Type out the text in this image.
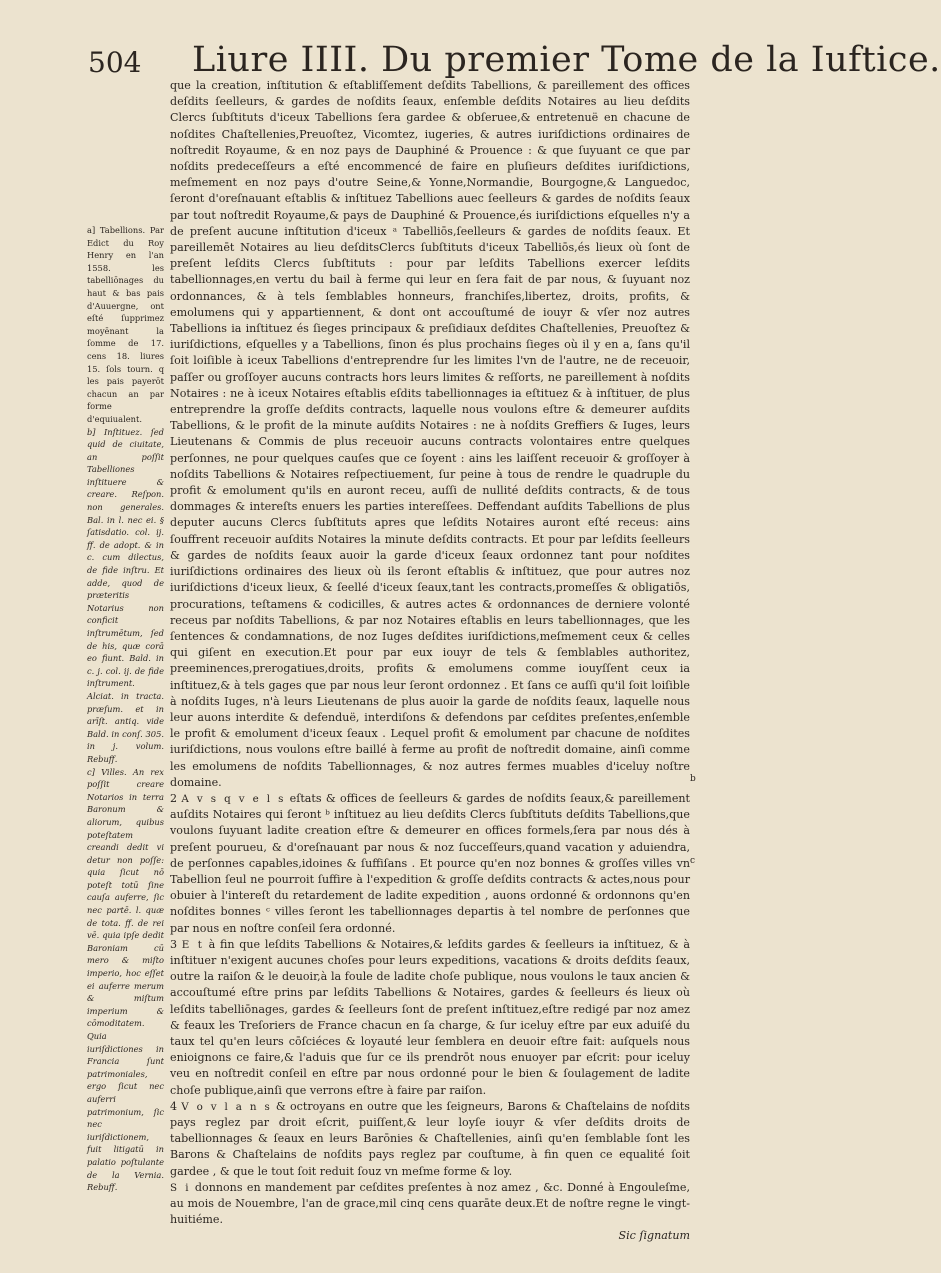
504 Liure IIII. Du premier Tome de la Iuftice.

que la creation, inſtitution & eſtabliſſement deſdits Tabellions, & pareillement des offices deſdits ſeelleurs, & gardes de noſdits ſeaux, enſemble deſdits Notaires au lieu deſdits Clercs ſubſtituts d'iceux Tabellions ſera gardee & obſeruee,& entretenuë en chacune de noſdites Chaſtellenies,Preuoſtez, Vicomtez, iugeries, & autres iuriſdictions ordinaires de noſtredit Royaume, & en noz pays de Dauphiné & Prouence : & que ſuyuant ce que par noſdits predeceſſeurs a eſté encommencé de faire en pluſieurs deſdites iuriſdictions, meſmement en noz pays d'outre Seine,& Yonne,Normandie, Bourgogne,& Languedoc, ſeront d'oreſnauant eſtablis & inſtituez Tabellions auec ſeelleurs & gardes de noſdits ſeaux par tout noſtredit Royaume,& pays de Dauphiné & Prouence,és iuriſdictions eſquelles n'y a de preſent aucune inſtitution d'iceux ᵃ Tabelliōs,ſeelleurs & gardes de noſdits ſeaux. Et pareillemēt Notaires au lieu deſditsClercs ſubſtituts d'iceux Tabelliōs,és lieux où ſont de preſent leſdits Clercs ſubſtituts : pour par leſdits Tabellions exercer leſdits tabellionnages,en vertu du bail à ferme qui leur en ſera fait de par nous, & ſuyuant noz ordonnances, & à tels ſemblables honneurs, franchiſes,libertez, droits, profits, & emolumens qui y appartiennent, & dont ont accouſtumé de iouyr & vſer noz autres Tabellions ia inſtituez és ſieges principaux & preſidiaux deſdites Chaſtellenies, Preuoſtez & iuriſdictions, eſquelles y a Tabellions, ſinon és plus prochains ſieges où il y en a, ſans qu'il ſoit loiſible à iceux Tabellions d'entreprendre ſur les limites l'vn de l'autre, ne de receuoir, paſſer ou groſſoyer aucuns contracts hors leurs limites & reſſorts, ne pareillement à noſdits Notaires : ne à iceux Notaires eſtablis eſdits tabellionnages ia eſtituez & à inſtituer, de plus entreprendre la groſſe deſdits contracts, laquelle nous voulons eſtre & demeurer auſdits Tabellions, & le profit de la minute auſdits Notaires : ne à noſdits Greffiers & Iuges, leurs Lieutenans & Commis de plus receuoir aucuns contracts volontaires entre quelques perſonnes, ne pour quelques cauſes que ce ſoyent : ains les laiſſent receuoir & groſſoyer à noſdits Tabellions & Notaires reſpectiuement, ſur peine à tous de rendre le quadruple du profit & emolument qu'ils en auront receu, auſſi de nullité deſdits contracts, & de tous dommages & intereſts enuers les parties intereſſees. Deffendant auſdits Tabellions de plus deputer aucuns Clercs ſubſtituts apres que leſdits Notaires auront eſté receus: ains ſouffrent receuoir auſdits Notaires la minute deſdits contracts. Et pour par leſdits ſeelleurs & gardes de noſdits ſeaux auoir la garde d'iceux ſeaux ordonnez tant pour noſdites iuriſdictions ordinaires des lieux où ils ſeront eſtablis & inſtituez, que pour autres noz iuriſdictions d'iceux lieux, & ſeellé d'iceux ſeaux,tant les contracts,promeſſes & obligatiōs, procurations, teſtamens & codicilles, & autres actes & ordonnances de derniere volonté receus par noſdits Tabellions, & par noz Notaires eſtablis en leurs tabellionnages, que les ſentences & condamnations, de noz Iuges deſdites iuriſdictions,meſmement ceux & celles qui giſent en execution.Et pour par eux iouyr de tels & ſemblables authoritez, preeminences,prerogatiues,droits, profits & emolumens comme iouyſſent ceux ia inſtituez,& à tels gages que par nous leur ſeront ordonnez . Et ſans ce auſſi qu'il ſoit loiſible à noſdits Iuges, n'à leurs Lieutenans de plus auoir la garde de noſdits ſeaux, laquelle nous leur auons interdite & defenduë, interdiſons & defendons par ceſdites preſentes,enſemble le profit & emolument d'iceux ſeaux . Lequel profit & emolument par chacune de noſdites iuriſdictions, nous voulons eſtre baillé à ferme au profit de noſtredit domaine, ainſi comme les emolumens de noſdits Tabellionnages, & noz autres fermes muables d'iceluy noſtre domaine.

2 A v s q v e l s eſtats & offices de ſeelleurs & gardes de noſdits ſeaux,& pareillement auſdits Notaires qui ſeront ᵇ inſtituez au lieu deſdits Clercs ſubſtituts deſdits Tabellions,que voulons ſuyuant ladite creation eſtre & demeurer en offices formels,ſera par nous dés à preſent pourueu, & d'oreſnauant par nous & noz ſucceſſeurs,quand vacation y aduiendra, de perſonnes capables,idoines & ſuffiſans . Et pource qu'en noz bonnes & groſſes villes vn Tabellion ſeul ne pourroit ſuffire à l'expedition & groſſe deſdits contracts & actes,nous pour obuier à l'intereſt du retardement de ladite expedition , auons ordonné & ordonnons qu'en noſdites bonnes ᶜ villes ſeront les tabellionnages departis à tel nombre de perſonnes que par nous en noſtre conſeil ſera ordonné.

3 E t à fin que leſdits Tabellions & Notaires,& leſdits gardes & ſeelleurs ia inſtituez, & à inſtituer n'exigent aucunes choſes pour leurs expeditions, vacations & droits deſdits ſeaux, outre la raiſon & le deuoir,à la foule de ladite choſe publique, nous voulons le taux ancien & accouſtumé eſtre prins par leſdits Tabellions & Notaires, gardes & ſeelleurs és lieux où leſdits tabelliōnages, gardes & ſeelleurs ſont de preſent inſtituez,eſtre redigé par noz amez & feaux les Treſoriers de France chacun en ſa charge, & ſur iceluy eſtre par eux aduiſé du taux tel qu'en leurs cōſciéces & loyauté leur ſemblera en deuoir eſtre fait: auſquels nous enioignons ce faire,& l'aduis que ſur ce ils prendrōt nous enuoyer par eſcrit: pour iceluy veu en noſtredit conſeil en eſtre par nous ordonné pour le bien & ſoulagement de ladite choſe publique,ainſi que verrons eſtre à faire par raiſon.

4 V o v l a n s & octroyans en outre que les ſeigneurs, Barons & Chaſtelains de noſdits pays reglez par droit eſcrit, puiſſent,& leur loyſe iouyr & vſer deſdits droits de tabellionnages & ſeaux en leurs Barōnies & Chaſtellenies, ainſi qu'en ſemblable ſont les Barons & Chaſtelains de noſdits pays reglez par couſtume, à fin quen ce equalité ſoit gardee , & que le tout ſoit reduit ſouz vn meſme forme & loy.

S i donnons en mandement par ceſdites preſentes à noz amez , &c. Donné à Engouleſme, au mois de Nouembre, l'an de grace,mil cinq cens quarāte deux.Et de noſtre regne le vingt-huitiéme.

Sic ſignatum

a] Tabellions. Par Edict du Roy Henry en l'an 1558. les tabelliōnages du haut & bas pais d'Auuergne, ont eſté ſupprimez moyēnant la ſomme de 17. cens 18. liures 15. ſols tourn. q les pais payerōt chacun an par forme d'equiualent.

b] Inſtituez. ſed quid de ciuitate, an poſſit Tabelliones inſtituere & creare. Reſpon. non generales. Bal. in l. nec ei. § ſatisdatio. col. ij. ff. de adopt. & in c. cum dilectus, de fide inſtru. Et adde, quod de præteritis Notarius non conficit inſtrumētum, ſed de his, quæ corā eo fiunt. Bald. in c. j. col. ij. de fide inſtrument. Alciat. in tracta. præſum. et in arīſt. antiq. vide Bald. in conſ. 305. in j. volum. Rebuff.

c] Villes. An rex poſſit creare Notarios in terra Baronum & aliorum, quibus poteſtatem creandi dedit vi detur non poſſe: quia ſicut nō poteſt totū ſine cauſa auferre, ſic nec partē. l. quæ de tota. ff. de rei vē. quia ipſe dedit Baroniam cū mero & miſto imperio, hoc eſſet ei auferre merum & miſtum imperium & cōmoditatem. Quia iuriſdictiones in Francia ſunt patrimoniales, ergo ſicut nec auferri patrimonium, ſic nec iuriſdictionem, fuit litigatū in palatio poſtulante de la Vernia. Rebuff.

b
c
